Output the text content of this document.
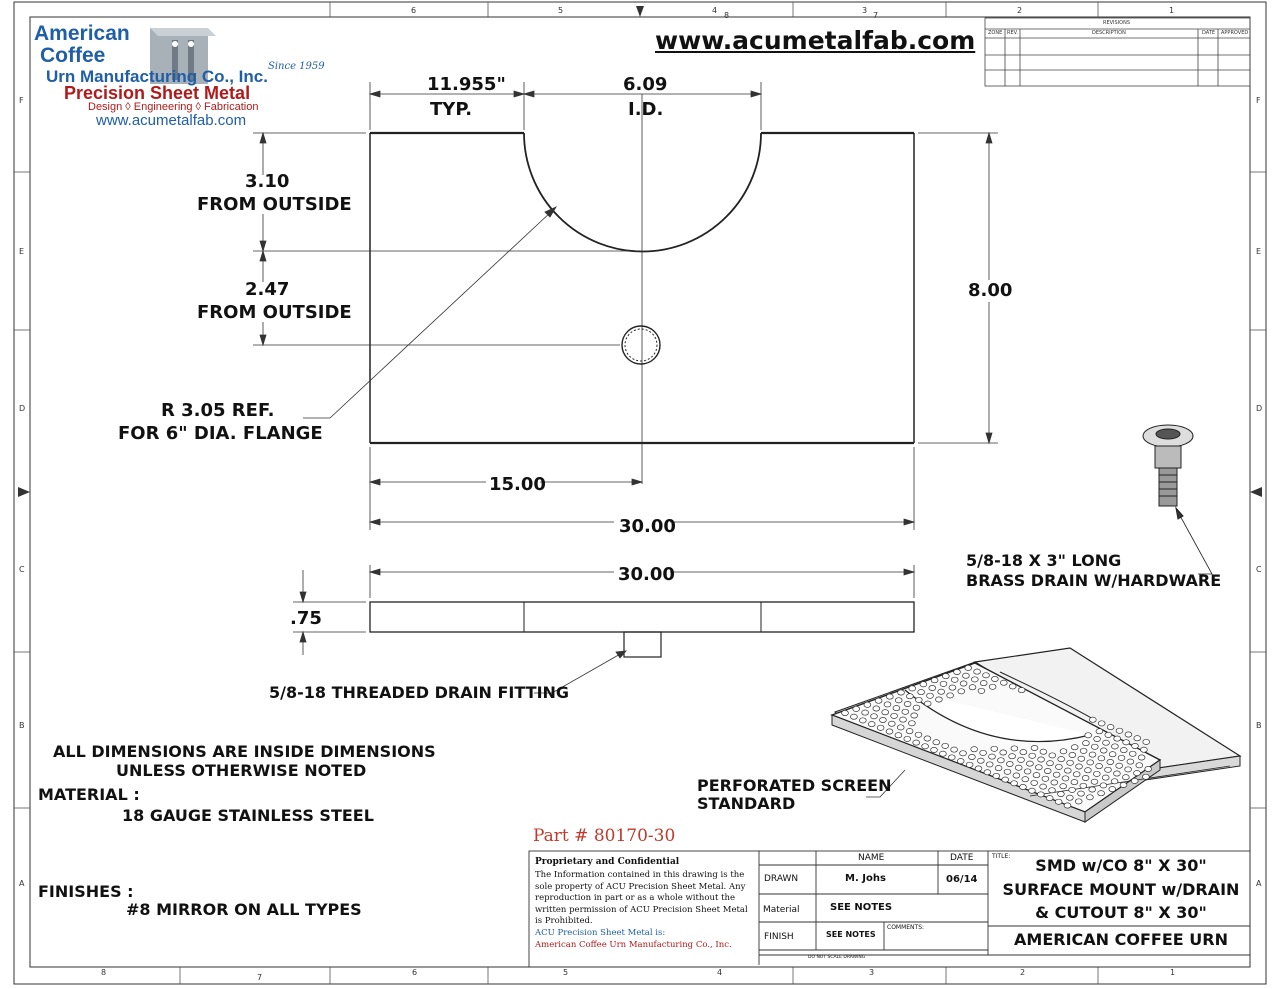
American
Coffee
Urn Manufacturing Co., Inc.
Since 1959
Precision Sheet Metal
Design ◊ Engineering ◊ Fabrication
www.acumetalfab.com
www.acumetalfab.com
REVISIONS
ZONE REV.	DESCRIPTION	DATE APPROVED
11.955"
TYP.
6.09
I.D.
3.10
FROM OUTSIDE
2.47
FROM OUTSIDE
8.00
R 3.05 REF.
FOR 6" DIA. FLANGE
15.00
30.00
30.00
.75
5/8-18 THREADED DRAIN FITTING
5/8-18 X 3" LONG
BRASS DRAIN W/HARDWARE
PERFORATED SCREEN
STANDARD
ALL DIMENSIONS ARE INSIDE DIMENSIONS
UNLESS OTHERWISE NOTED
MATERIAL :
18 GAUGE STAINLESS STEEL
FINISHES :
#8 MIRROR ON ALL TYPES
Part # 80170-30
Proprietary and Confidential
The Information contained in this drawing is the sole property of ACU Precision Sheet Metal. Any reproduction in part or as a whole without the written permission of ACU Precision Sheet Metal is Prohibited.
ACU Precision Sheet Metal is:
American Coffee Urn Manufacturing Co., Inc.
NAME	DATE
DRAWN	M. Johs	06/14
Material	SEE NOTES
FINISH	SEE NOTES
COMMENTS:
TITLE:	SMD w/CO 8" X 30"
SURFACE MOUNT w/DRAIN
& CUTOUT 8" X 30"
AMERICAN COFFEE URN
DO NOT SCALE DRAWING
6	5	4
8
3
7
2	1
8
7
6	5	4	3	2	1
F
E
D
C
B
A
F
E
D
C
B
A
